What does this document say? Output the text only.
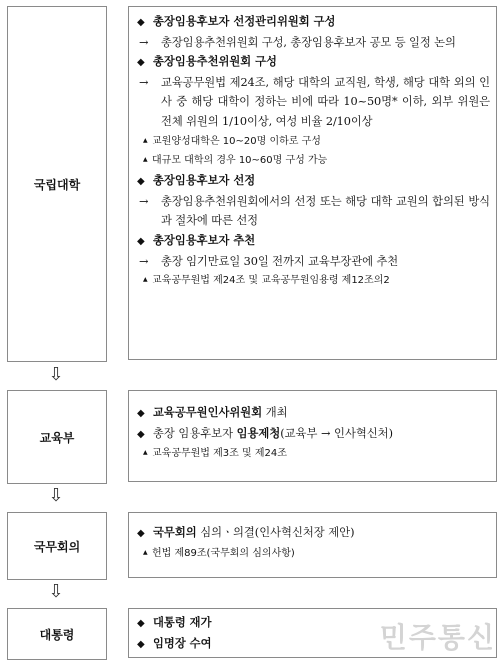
국립대학
◆ 총장임용후보자 선정관리위원회 구성
→	총장임용추천위원회 구성, 총장임용후보자 공모 등 일정 논의
◆ 총장임용추천위원회 구성
→	교육공무원법 제24조, 해당 대학의 교직원, 학생, 해당 대학 외의 인사 중 해당 대학이 정하는 비에 따라 10~50명* 이하, 외부 위원은 전체 위원의 1/10이상, 여성 비율 2/10이상
▲ 교원양성대학은 10~20명 이하로 구성
▲ 대규모 대학의 경우 10~60명 구성 가능
◆ 총장임용후보자 선정
→	총장임용추천위원회에서의 선정 또는 해당 대학 교원의 합의된 방식과 절차에 따른 선정
◆ 총장임용후보자 추천
→	총장 임기만료일 30일 전까지 교육부장관에 추천
▲ 교육공무원법 제24조 및 교육공무원임용령 제12조의2
⇩
교육부
◆ 교육공무원인사위원회 개최
◆ 총장 임용후보자 임용제청(교육부 → 인사혁신처)
▲ 교육공무원법 제3조 및 제24조
⇩
국무회의
◆ 국무회의 심의ㆍ의결(인사혁신처장 제안)
▲ 헌법 제89조(국무회의 심의사항)
⇩
대통령
◆ 대통령 재가
◆ 임명장 수여	민주통신
